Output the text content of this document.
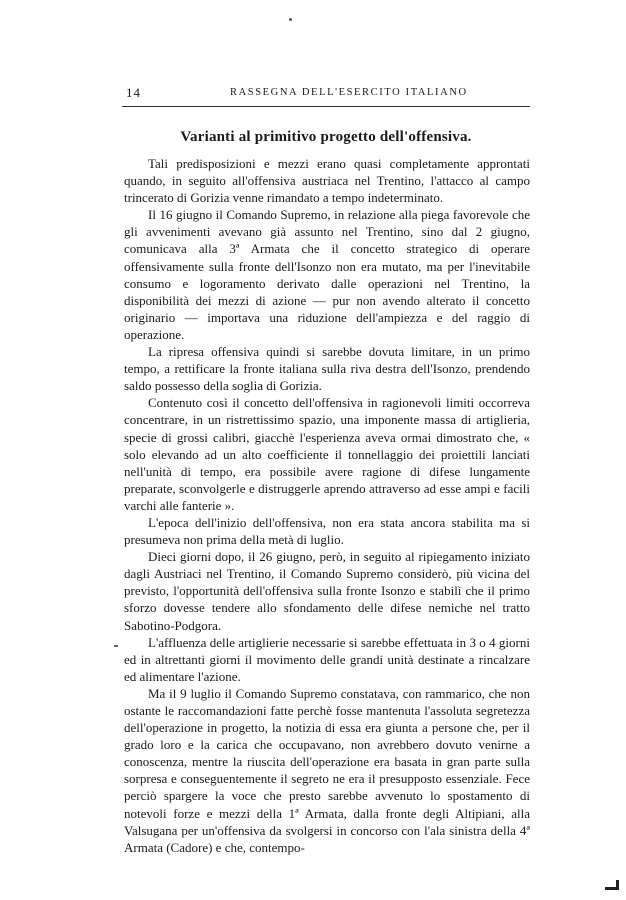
14	RASSEGNA DELL'ESERCITO ITALIANO
Varianti al primitivo progetto dell'offensiva.

Tali predisposizioni e mezzi erano quasi completamente approntati quando, in seguito all'offensiva austriaca nel Trentino, l'attacco al campo trincerato di Gorizia venne rimandato a tempo indeterminato.

Il 16 giugno il Comando Supremo, in relazione alla piega favorevole che gli avvenimenti avevano già assunto nel Trentino, sino dal 2 giugno, comunicava alla 3ª Armata che il concetto strategico di operare offensivamente sulla fronte dell'Isonzo non era mutato, ma per l'inevitabile consumo e logoramento derivato dalle operazioni nel Trentino, la disponibilità dei mezzi di azione — pur non avendo alterato il concetto originario — importava una riduzione dell'ampiezza e del raggio di operazione.

La ripresa offensiva quindi si sarebbe dovuta limitare, in un primo tempo, a rettificare la fronte italiana sulla riva destra dell'Isonzo, prendendo saldo possesso della soglia di Gorizia.

Contenuto così il concetto dell'offensiva in ragionevoli limiti occorreva concentrare, in un ristrettissimo spazio, una imponente massa di artiglieria, specie di grossi calibri, giacchè l'esperienza aveva ormai dimostrato che, « solo elevando ad un alto coefficiente il tonnellaggio dei proiettili lanciati nell'unità di tempo, era possibile avere ragione di difese lungamente preparate, sconvolgerle e distruggerle aprendo attraverso ad esse ampi e facili varchi alle fanterie ».

L'epoca dell'inizio dell'offensiva, non era stata ancora stabilita ma si presumeva non prima della metà di luglio.

Dieci giorni dopo, il 26 giugno, però, in seguito al ripiegamento iniziato dagli Austriaci nel Trentino, il Comando Supremo considerò, più vicina del previsto, l'opportunità dell'offensiva sulla fronte Isonzo e stabilì che il primo sforzo dovesse tendere allo sfondamento delle difese nemiche nel tratto Sabotino-Podgora.

L'affluenza delle artiglierie necessarie si sarebbe effettuata in 3 o 4 giorni ed in altrettanti giorni il movimento delle grandi unità destinate a rincalzare ed alimentare l'azione.

Ma il 9 luglio il Comando Supremo constatava, con rammarico, che non ostante le raccomandazioni fatte perchè fosse mantenuta l'assoluta segretezza dell'operazione in progetto, la notizia di essa era giunta a persone che, per il grado loro e la carica che occupavano, non avrebbero dovuto venirne a conoscenza, mentre la riuscita dell'operazione era basata in gran parte sulla sorpresa e conseguentemente il segreto ne era il presupposto essenziale. Fece perciò spargere la voce che presto sarebbe avvenuto lo spostamento di notevoli forze e mezzi della 1ª Armata, dalla fronte degli Altipiani, alla Valsugana per un'offensiva da svolgersi in concorso con l'ala sinistra della 4ª Armata (Cadore) e che, contempo-
